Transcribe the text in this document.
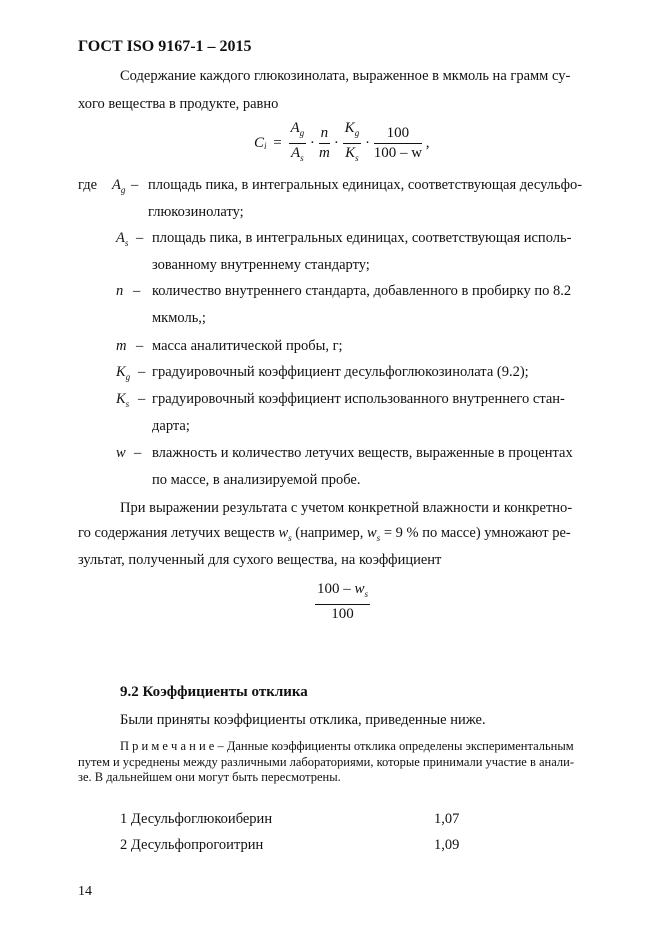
ГОСТ ISO 9167-1 – 2015
Содержание каждого глюкозинолата, выраженное в мкмоль на грамм су-
хого вещества в продукте, равно
$C_i = \frac{A_g}{A_s} \cdot \frac{n}{m} \cdot \frac{K_g}{K_s} \cdot \frac{100}{100 - w}$ ,
где $A_g$ – площадь пика, в интегральных единицах, соответствующая десульфо-
глюкозинолату;
$A_s$ – площадь пика, в интегральных единицах, соответствующая исполь-
зованному внутреннему стандарту;
n – количество внутреннего стандарта, добавленного в пробирку по 8.2
мкмоль,;
m – масса аналитической пробы, г;
$K_g$ – градуировочный коэффициент десульфоглюкозинолата (9.2);
$K_s$ – градуировочный коэффициент использованного внутреннего стан-
дарта;
w – влажность и количество летучих веществ, выраженные в процентах
по массе, в анализируемой пробе.
При выражении результата с учетом конкретной влажности и конкретно-
го содержания летучих веществ $w_s$ (например, $w_s = 9$ % по массе) умножают ре-
зультат, полученный для сухого вещества, на коэффициент
$\frac{100 - w_s}{100}$
9.2 Коэффициенты отклика
Были приняты коэффициенты отклика, приведенные ниже.
П р и м е ч а н и е – Данные коэффициенты отклика определены экспериментальным
путем и усреднены между различными лабораториями, которые принимали участие в анали-
зе. В дальнейшем они могут быть пересмотрены.
1 Десульфоглюкоиберин	1,07
2 Десульфопрогоитрин	1,09
14
